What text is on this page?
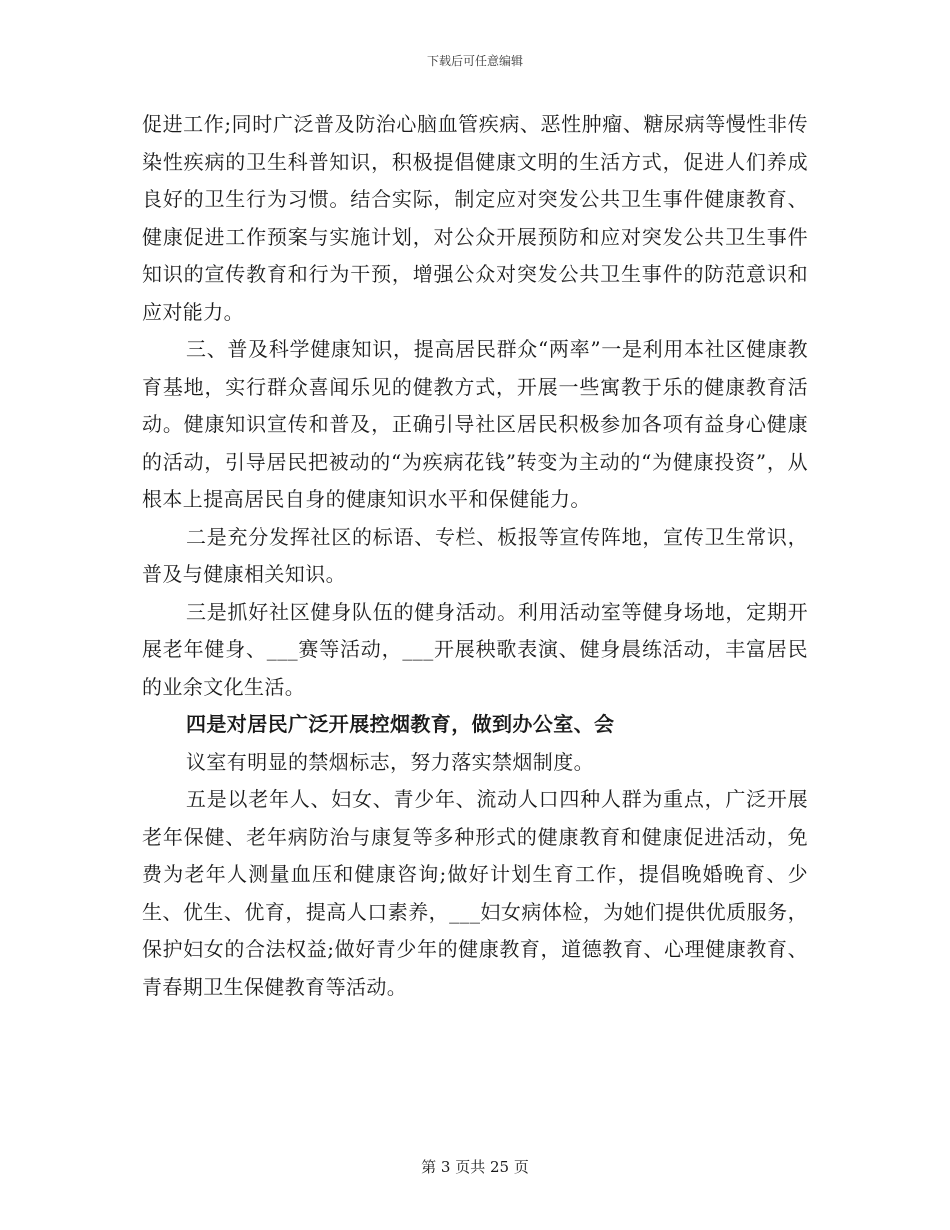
下载后可任意编辑

促进工作;同时广泛普及防治心脑血管疾病、恶性肿瘤、糖尿病等慢性非传染性疾病的卫生科普知识，积极提倡健康文明的生活方式，促进人们养成良好的卫生行为习惯。结合实际，制定应对突发公共卫生事件健康教育、健康促进工作预案与实施计划，对公众开展预防和应对突发公共卫生事件知识的宣传教育和行为干预，增强公众对突发公共卫生事件的防范意识和应对能力。

三、普及科学健康知识，提高居民群众“两率”一是利用本社区健康教育基地，实行群众喜闻乐见的健教方式，开展一些寓教于乐的健康教育活动。健康知识宣传和普及，正确引导社区居民积极参加各项有益身心健康的活动，引导居民把被动的“为疾病花钱”转变为主动的“为健康投资”，从根本上提高居民自身的健康知识水平和保健能力。

二是充分发挥社区的标语、专栏、板报等宣传阵地，宣传卫生常识，普及与健康相关知识。

三是抓好社区健身队伍的健身活动。利用活动室等健身场地，定期开展老年健身、___赛等活动，___开展秧歌表演、健身晨练活动，丰富居民的业余文化生活。

四是对居民广泛开展控烟教育，做到办公室、会

议室有明显的禁烟标志，努力落实禁烟制度。

五是以老年人、妇女、青少年、流动人口四种人群为重点，广泛开展老年保健、老年病防治与康复等多种形式的健康教育和健康促进活动，免费为老年人测量血压和健康咨询;做好计划生育工作，提倡晚婚晚育、少生、优生、优育，提高人口素养，___妇女病体检，为她们提供优质服务，保护妇女的合法权益;做好青少年的健康教育，道德教育、心理健康教育、青春期卫生保健教育等活动。

第 3 页共 25 页
